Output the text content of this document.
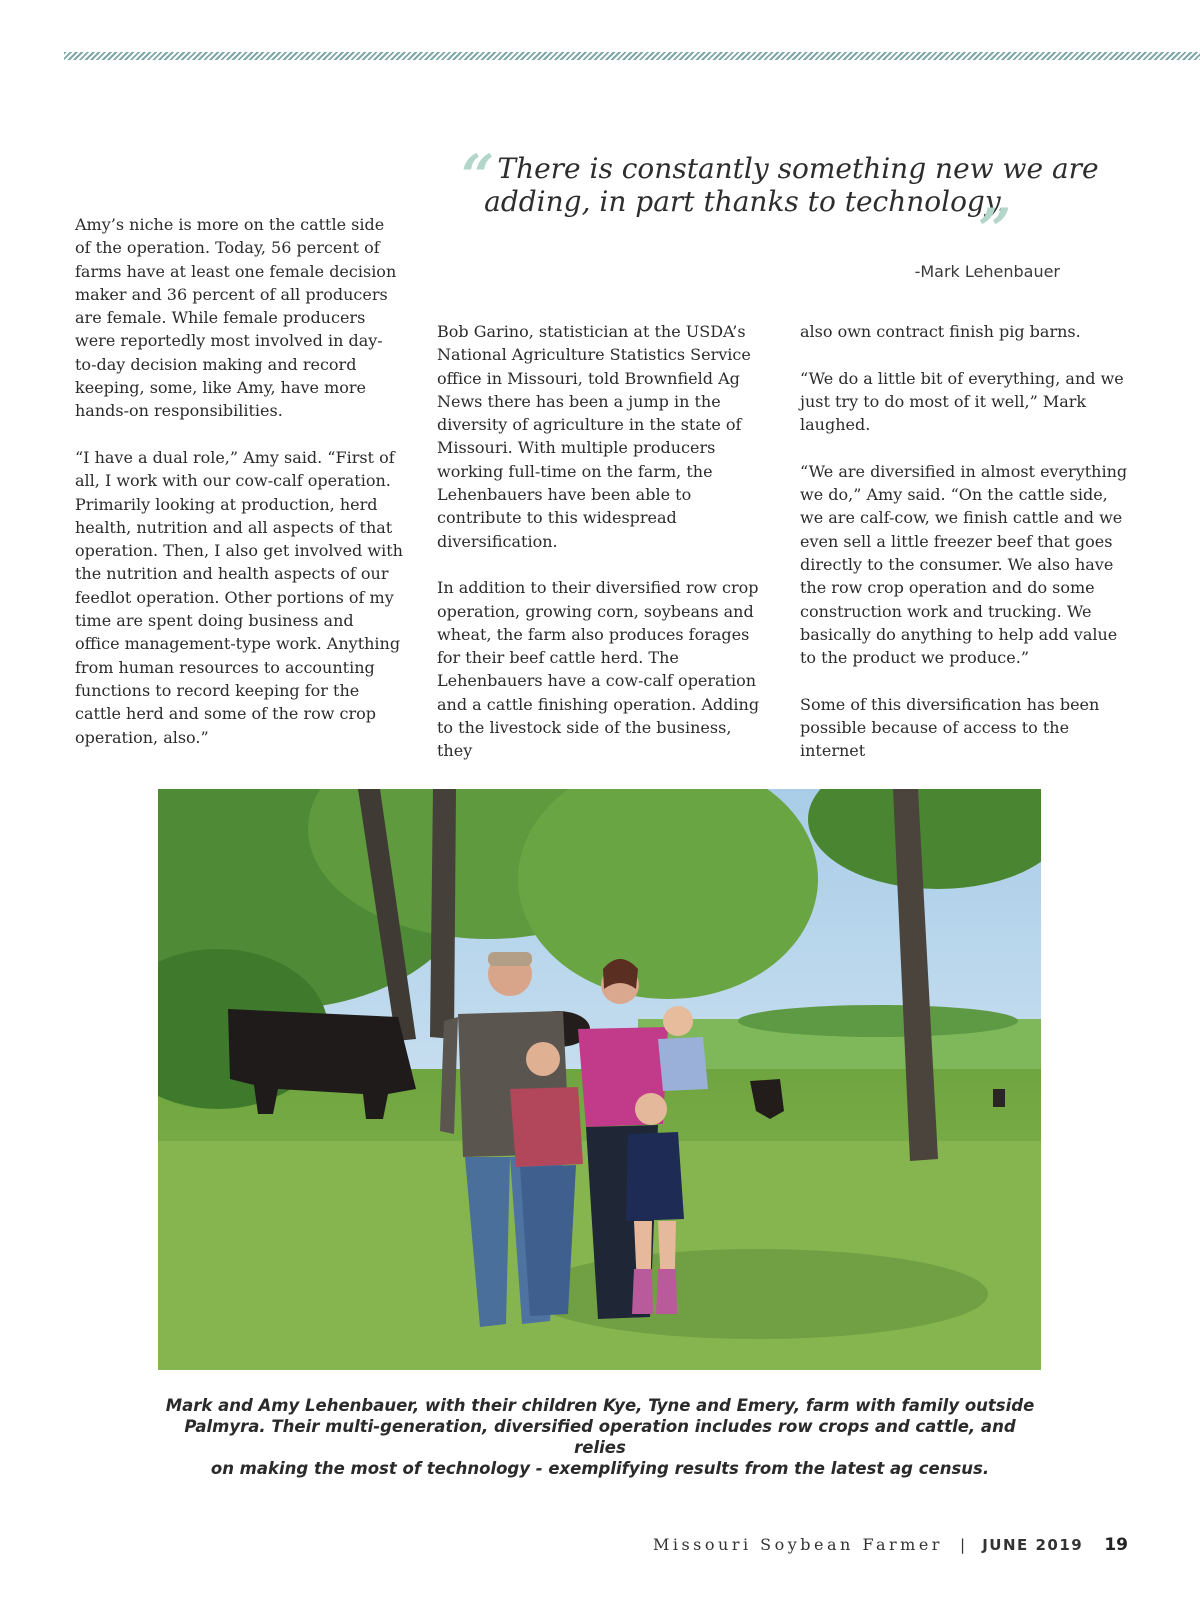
“ There is constantly something new we are
adding, in part thanks to technology.
”
-Mark Lehenbauer

Amy’s niche is more on the cattle side of the operation. Today, 56 percent of farms have at least one female decision maker and 36 percent of all producers are female. While female producers were reportedly most involved in day-to-day decision making and record keeping, some, like Amy, have more hands-on responsibilities.

“I have a dual role,” Amy said. “First of all, I work with our cow-calf operation. Primarily looking at production, herd health, nutrition and all aspects of that operation. Then, I also get involved with the nutrition and health aspects of our feedlot operation. Other portions of my time are spent doing business and office management-type work. Anything from human resources to accounting functions to record keeping for the cattle herd and some of the row crop operation, also.”

Bob Garino, statistician at the USDA’s National Agriculture Statistics Service office in Missouri, told Brownfield Ag News there has been a jump in the diversity of agriculture in the state of Missouri. With multiple producers working full-time on the farm, the Lehenbauers have been able to contribute to this widespread diversification.

In addition to their diversified row crop operation, growing corn, soybeans and wheat, the farm also produces forages for their beef cattle herd. The Lehenbauers have a cow-calf operation and a cattle finishing operation. Adding to the livestock side of the business, they

also own contract finish pig barns.

“We do a little bit of everything, and we just try to do most of it well,” Mark laughed.

“We are diversified in almost everything we do,” Amy said. “On the cattle side, we are calf-cow, we finish cattle and we even sell a little freezer beef that goes directly to the consumer. We also have the row crop operation and do some construction work and trucking. We basically do anything to help add value to the product we produce.”

Some of this diversification has been possible because of access to the internet

Mark and Amy Lehenbauer, with their children Kye, Tyne and Emery, farm with family outside
Palmyra. Their multi-generation, diversified operation includes row crops and cattle, and relies
on making the most of technology - exemplifying results from the latest ag census.
Missouri Soybean Farmer | JUNE 2019 19
